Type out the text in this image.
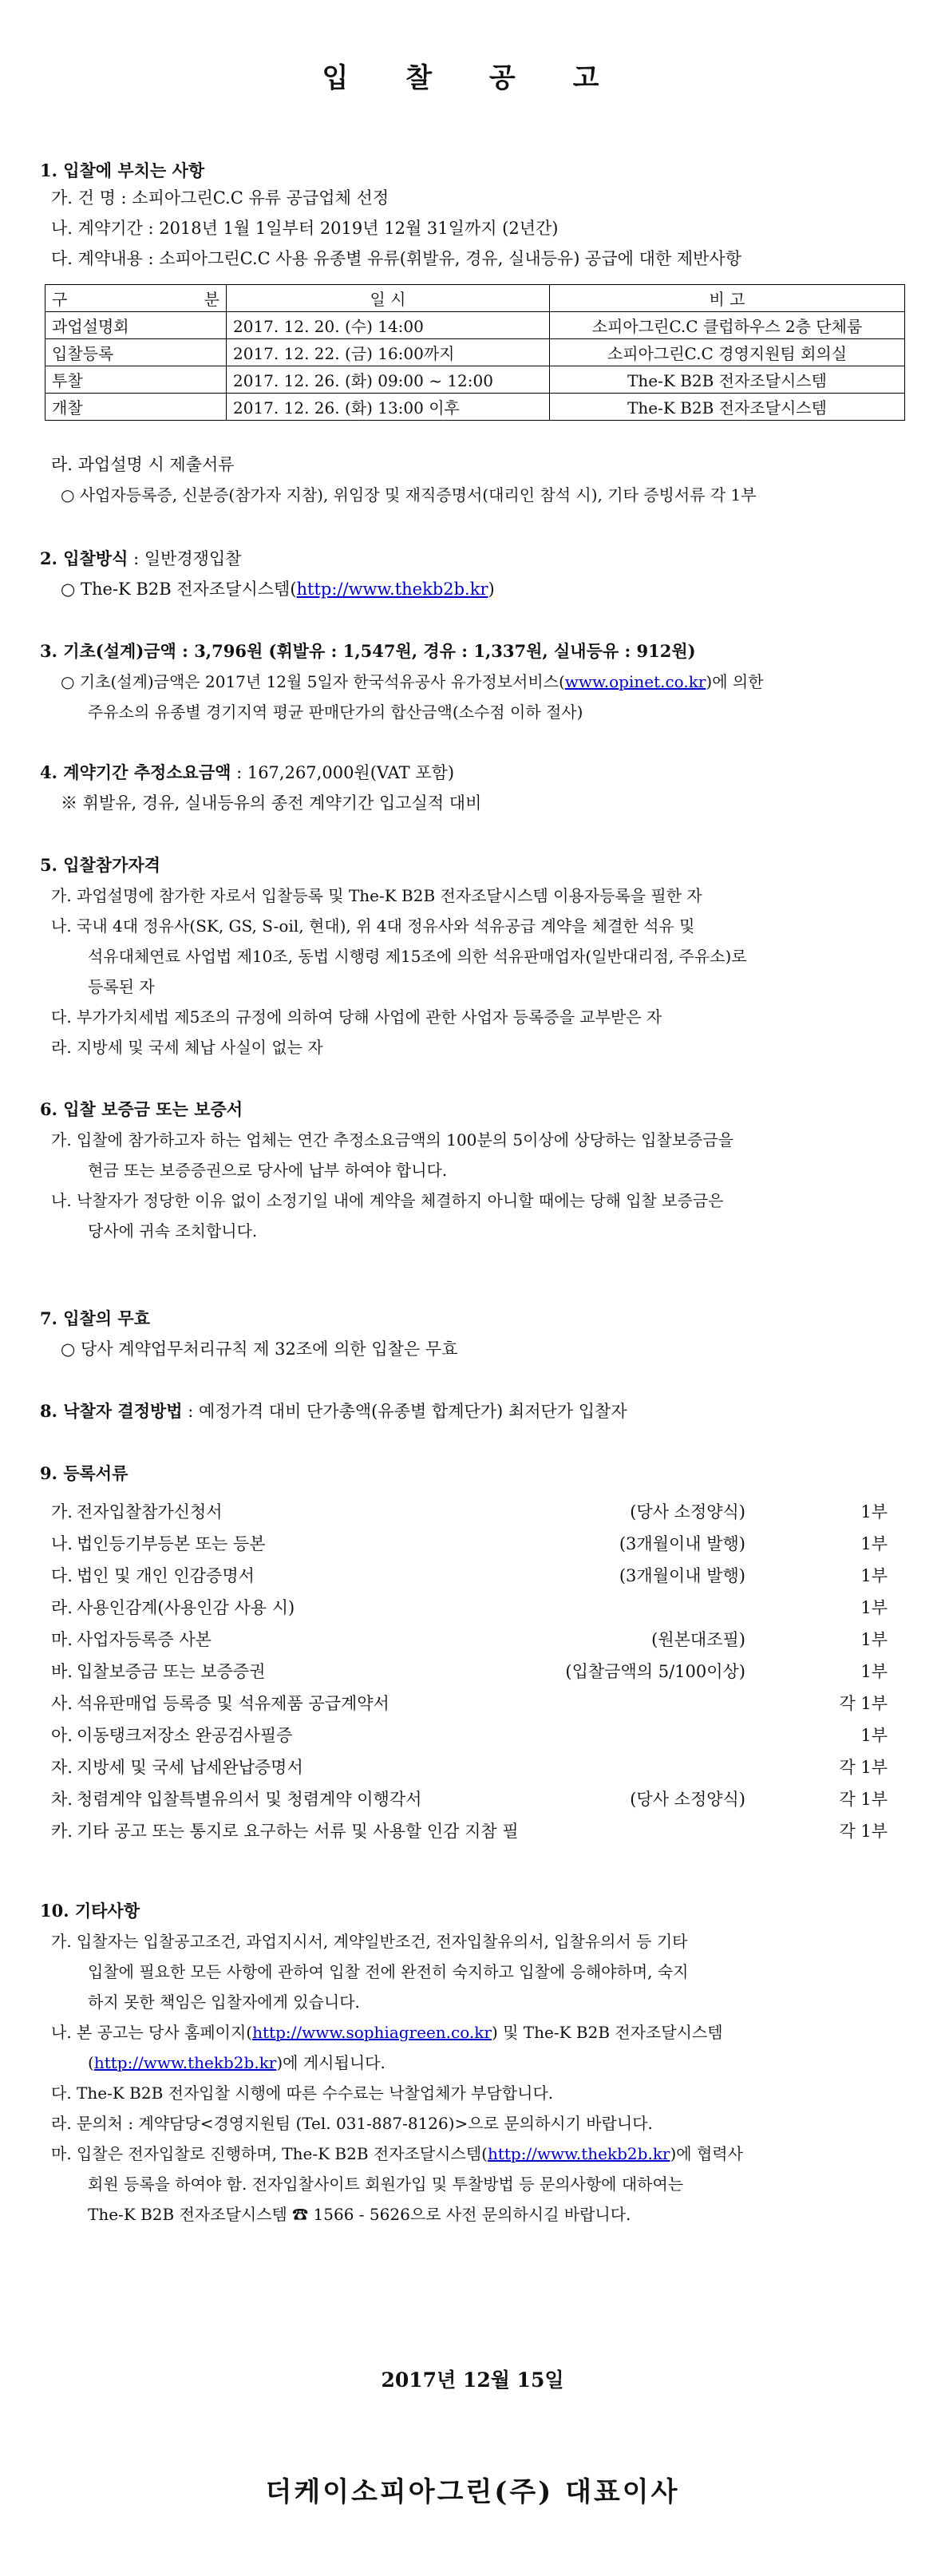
입 찰 공 고
1. 입찰에 부치는 사항
가. 건 명 : 소피아그린C.C 유류 공급업체 선정
나. 계약기간 : 2018년 1월 1일부터 2019년 12월 31일까지 (2년간)
다. 계약내용 : 소피아그린C.C 사용 유종별 유류(휘발유, 경유, 실내등유) 공급에 대한 제반사항
구 분	일 시	비 고
과업설명회	2017. 12. 20. (수) 14:00	소피아그린C.C 클럽하우스 2층 단체룸
입찰등록	2017. 12. 22. (금) 16:00까지	소피아그린C.C 경영지원팀 회의실
투찰	2017. 12. 26. (화) 09:00 ~ 12:00	The-K B2B 전자조달시스템
개찰	2017. 12. 26. (화) 13:00 이후	The-K B2B 전자조달시스템
라. 과업설명 시 제출서류
○ 사업자등록증, 신분증(참가자 지참), 위임장 및 재직증명서(대리인 참석 시), 기타 증빙서류 각 1부
2. 입찰방식 : 일반경쟁입찰
○ The-K B2B 전자조달시스템(http://www.thekb2b.kr)
3. 기초(설계)금액 : 3,796원 (휘발유 : 1,547원, 경유 : 1,337원, 실내등유 : 912원)
○ 기초(설계)금액은 2017년 12월 5일자 한국석유공사 유가정보서비스(www.opinet.co.kr)에 의한
주유소의 유종별 경기지역 평균 판매단가의 합산금액(소수점 이하 절사)
4. 계약기간 추정소요금액 : 167,267,000원(VAT 포함)
※ 휘발유, 경유, 실내등유의 종전 계약기간 입고실적 대비
5. 입찰참가자격
가. 과업설명에 참가한 자로서 입찰등록 및 The-K B2B 전자조달시스템 이용자등록을 필한 자
나. 국내 4대 정유사(SK, GS, S-oil, 현대), 위 4대 정유사와 석유공급 계약을 체결한 석유 및
석유대체연료 사업법 제10조, 동법 시행령 제15조에 의한 석유판매업자(일반대리점, 주유소)로
등록된 자
다. 부가가치세법 제5조의 규정에 의하여 당해 사업에 관한 사업자 등록증을 교부받은 자
라. 지방세 및 국세 체납 사실이 없는 자
6. 입찰 보증금 또는 보증서
가. 입찰에 참가하고자 하는 업체는 연간 추정소요금액의 100분의 5이상에 상당하는 입찰보증금을
현금 또는 보증증권으로 당사에 납부 하여야 합니다.
나. 낙찰자가 정당한 이유 없이 소정기일 내에 계약을 체결하지 아니할 때에는 당해 입찰 보증금은
당사에 귀속 조치합니다.
7. 입찰의 무효
○ 당사 계약업무처리규칙 제 32조에 의한 입찰은 무효
8. 낙찰자 결정방법 : 예정가격 대비 단가총액(유종별 합계단가) 최저단가 입찰자
9. 등록서류
가. 전자입찰참가신청서	(당사 소정양식)	1부
나. 법인등기부등본 또는 등본	(3개월이내 발행)	1부
다. 법인 및 개인 인감증명서	(3개월이내 발행)	1부
라. 사용인감계(사용인감 사용 시)	1부
마. 사업자등록증 사본	(원본대조필)	1부
바. 입찰보증금 또는 보증증권	(입찰금액의 5/100이상)	1부
사. 석유판매업 등록증 및 석유제품 공급계약서	각 1부
아. 이동탱크저장소 완공검사필증	1부
자. 지방세 및 국세 납세완납증명서	각 1부
차. 청렴계약 입찰특별유의서 및 청렴계약 이행각서	(당사 소정양식)	각 1부
카. 기타 공고 또는 통지로 요구하는 서류 및 사용할 인감 지참 필	각 1부
10. 기타사항
가. 입찰자는 입찰공고조건, 과업지시서, 계약일반조건, 전자입찰유의서, 입찰유의서 등 기타
입찰에 필요한 모든 사항에 관하여 입찰 전에 완전히 숙지하고 입찰에 응해야하며, 숙지
하지 못한 책임은 입찰자에게 있습니다.
나. 본 공고는 당사 홈페이지(http://www.sophiagreen.co.kr) 및 The-K B2B 전자조달시스템
(http://www.thekb2b.kr)에 게시됩니다.
다. The-K B2B 전자입찰 시행에 따른 수수료는 낙찰업체가 부담합니다.
라. 문의처 : 계약담당<경영지원팀 (Tel. 031-887-8126)>으로 문의하시기 바랍니다.
마. 입찰은 전자입찰로 진행하며, The-K B2B 전자조달시스템(http://www.thekb2b.kr)에 협력사
회원 등록을 하여야 함. 전자입찰사이트 회원가입 및 투찰방법 등 문의사항에 대하여는
The-K B2B 전자조달시스템 ☎ 1566 - 5626으로 사전 문의하시길 바랍니다.
2017년 12월 15일
더케이소피아그린(주) 대표이사
